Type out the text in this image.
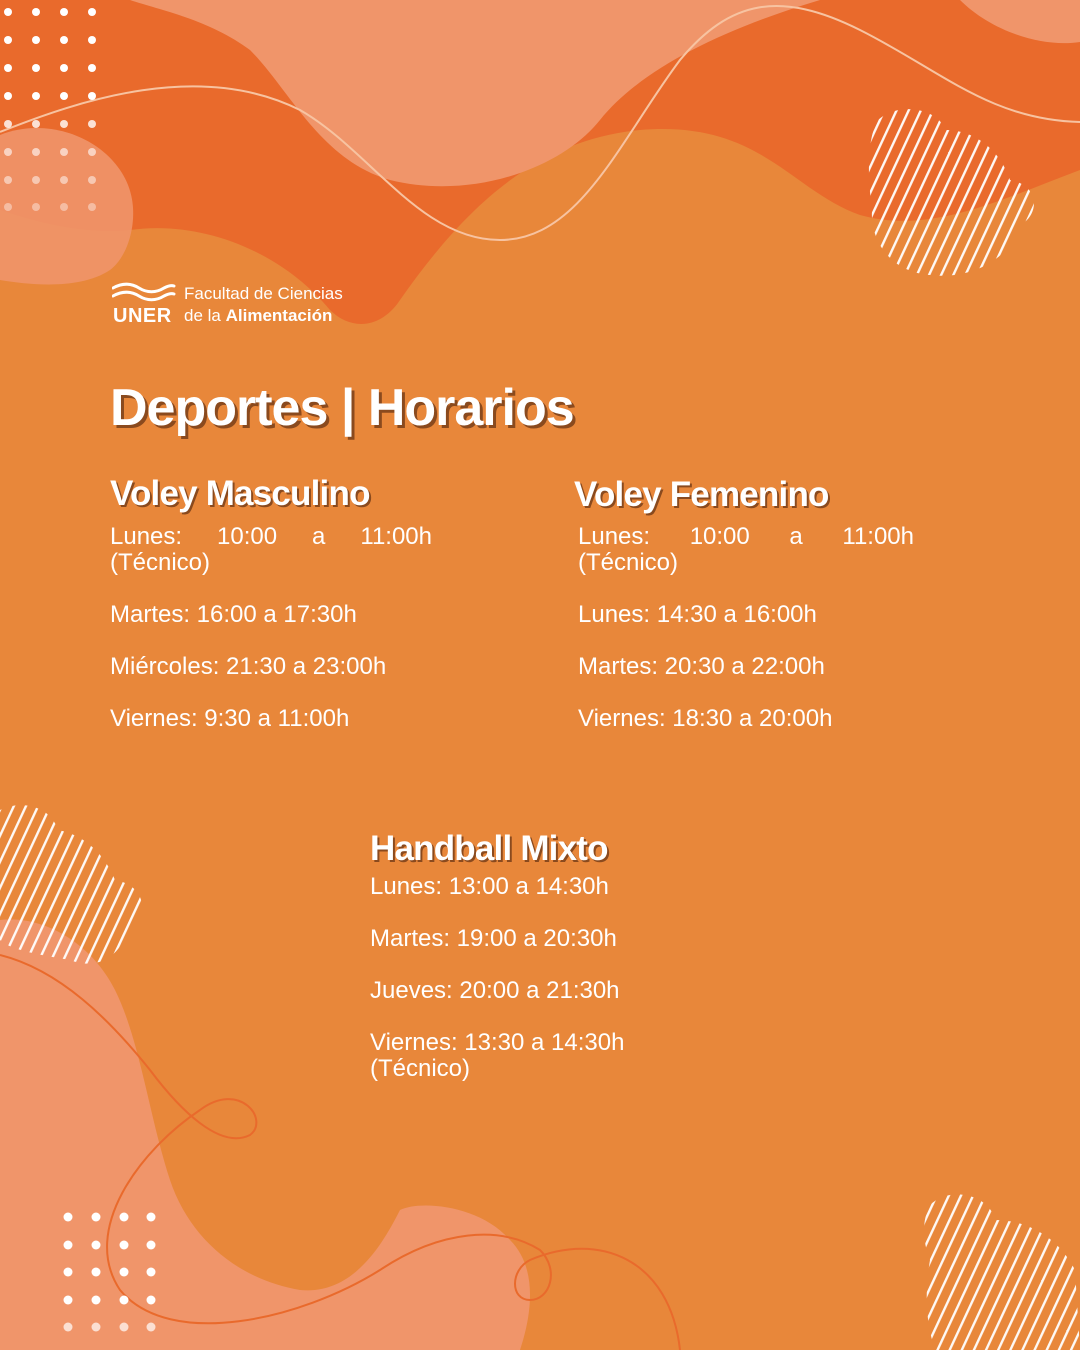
UNER
Facultad de Ciencias
de la Alimentación
Deportes | Horarios
Voley Masculino
Lunes: 10:00 a 11:00h (Técnico)
Martes: 16:00 a 17:30h
Miércoles: 21:30 a 23:00h
Viernes: 9:30 a 11:00h
Voley Femenino
Lunes: 10:00 a 11:00h (Técnico)
Lunes: 14:30 a 16:00h
Martes: 20:30 a 22:00h
Viernes: 18:30 a 20:00h
Handball Mixto
Lunes: 13:00 a 14:30h
Martes: 19:00 a 20:30h
Jueves: 20:00 a 21:30h
Viernes: 13:30 a 14:30h (Técnico)
